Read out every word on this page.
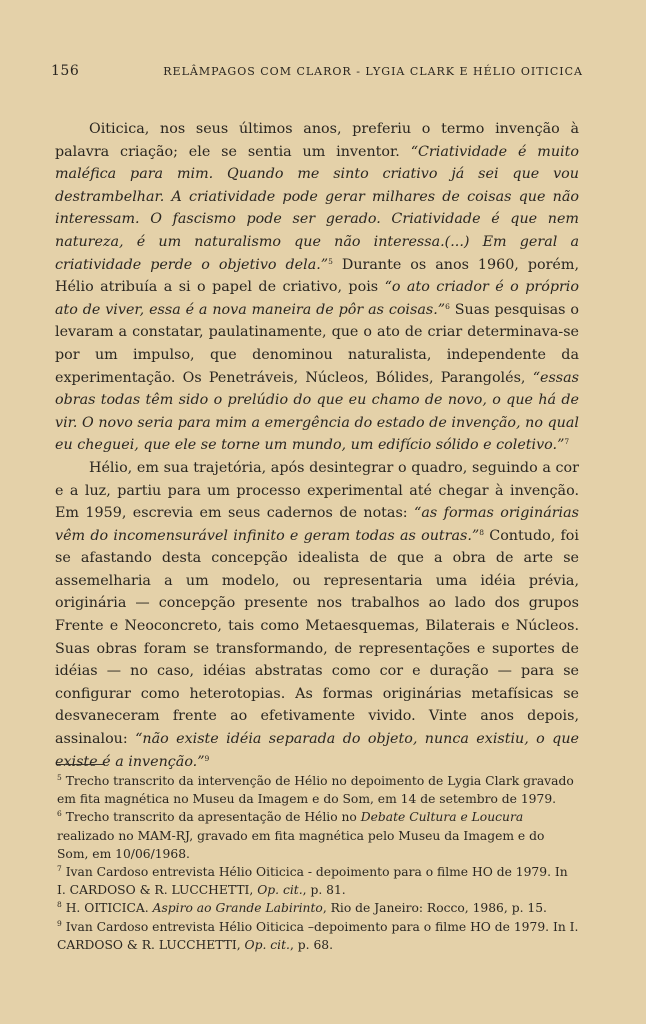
156	RELÂMPAGOS COM CLAROR - LYGIA CLARK E HÉLIO OITICICA

Oiticica, nos seus últimos anos, preferiu o termo invenção à palavra criação; ele se sentia um inventor. “Criatividade é muito maléfica para mim. Quando me sinto criativo já sei que vou destrambelhar. A criatividade pode gerar milhares de coisas que não interessam. O fascismo pode ser gerado. Criatividade é que nem natureza, é um naturalismo que não interessa.(...) Em geral a criatividade perde o objetivo dela.”$^5$ Durante os anos 1960, porém, Hélio atribuía a si o papel de criativo, pois “o ato criador é o próprio ato de viver, essa é a nova maneira de pôr as coisas.”$^6$ Suas pesquisas o levaram a constatar, paulatinamente, que o ato de criar determinava-se por um impulso, que denominou naturalista, independente da experimentação. Os Penetráveis, Núcleos, Bólides, Parangolés, “essas obras todas têm sido o prelúdio do que eu chamo de novo, o que há de vir. O novo seria para mim a emergência do estado de invenção, no qual eu cheguei, que ele se torne um mundo, um edifício sólido e coletivo.”$^7$

Hélio, em sua trajetória, após desintegrar o quadro, seguindo a cor e a luz, partiu para um processo experimental até chegar à invenção. Em 1959, escrevia em seus cadernos de notas: “as formas originárias vêm do incomensurável infinito e geram todas as outras.”$^8$ Contudo, foi se afastando desta concepção idealista de que a obra de arte se assemelharia a um modelo, ou representaria uma idéia prévia, originária — concepção presente nos trabalhos ao lado dos grupos Frente e Neoconcreto, tais como Metaesquemas, Bilaterais e Núcleos. Suas obras foram se transformando, de representações e suportes de idéias — no caso, idéias abstratas como cor e duração — para se configurar como heterotopias. As formas originárias metafísicas se desvaneceram frente ao efetivamente vivido. Vinte anos depois, assinalou: “não existe idéia separada do objeto, nunca existiu, o que existe é a invenção.”$^9$

$^5$ Trecho transcrito da intervenção de Hélio no depoimento de Lygia Clark gravado em fita magnética no Museu da Imagem e do Som, em 14 de setembro de 1979.

$^6$ Trecho transcrito da apresentação de Hélio no Debate Cultura e Loucura realizado no MAM-RJ, gravado em fita magnética pelo Museu da Imagem e do Som, em 10/06/1968.

$^7$ Ivan Cardoso entrevista Hélio Oiticica - depoimento para o filme HO de 1979. In I. CARDOSO & R. LUCCHETTI, Op. cit., p. 81.

$^8$ H. OITICICA. Aspiro ao Grande Labirinto, Rio de Janeiro: Rocco, 1986, p. 15.

$^9$ Ivan Cardoso entrevista Hélio Oiticica –depoimento para o filme HO de 1979. In I. CARDOSO & R. LUCCHETTI, Op. cit., p. 68.
